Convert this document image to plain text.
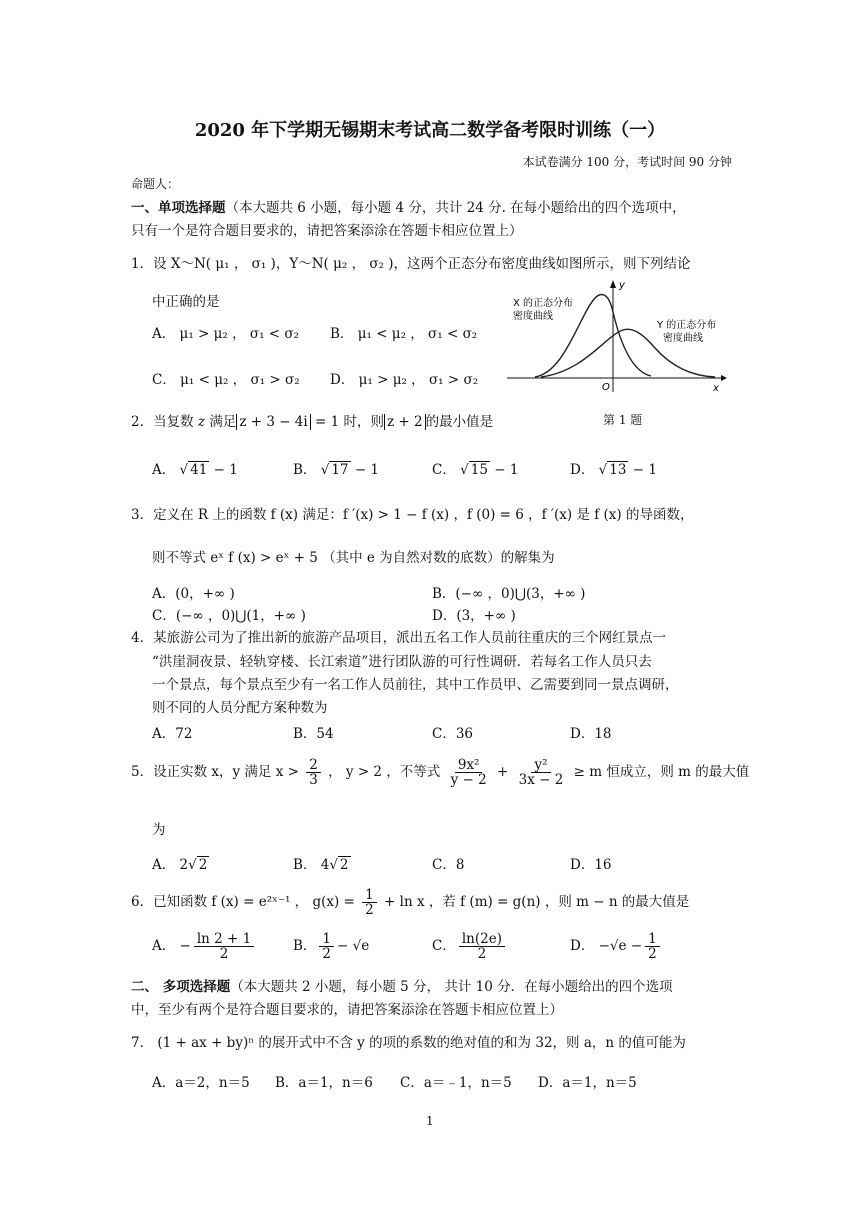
2020 年下学期无锡期末考试高二数学备考限时训练（一）
本试卷满分 100 分，考试时间 90 分钟
命题人：
一、单项选择题（本大题共 6 小题，每小题 4 分，共计 24 分. 在每小题给出的四个选项中，
只有一个是符合题目要求的，请把答案添涂在答题卡相应位置上）
1．设 X～N( μ₁ ， σ₁ )，Y～N( μ₂ ， σ₂ )，这两个正态分布密度曲线如图所示，则下列结论
中正确的是
A． μ₁ > μ₂ ， σ₁ < σ₂ B． μ₁ < μ₂ ， σ₁ < σ₂
C． μ₁ < μ₂ ， σ₁ > σ₂ D． μ₁ > μ₂ ， σ₁ > σ₂
X 的正态分布
密度曲线
Y 的正态分布
密度曲线
y
x
O
第 1 题
2．当复数 z 满足 z + 3 − 4i = 1 时，则 z + 2 的最小值是
A． √ 41 − 1	B． √ 17 − 1	C． √ 15 − 1	D． √ 13 − 1
3．定义在 R 上的函数 f (x) 满足：f ′(x) > 1 − f (x) ，f (0) = 6 ，f ′(x) 是 f (x) 的导函数，
则不等式 eˣ f (x) > eˣ + 5 （其中 e 为自然对数的底数）的解集为
A．(0，+∞ )	B．(−∞ ，0)⋃(3，+∞ )
C．(−∞ ，0)⋃(1，+∞ )	D．(3，+∞ )
4．某旅游公司为了推出新的旅游产品项目，派出五名工作人员前往重庆的三个网红景点一
“洪崖洞夜景、轻轨穿楼、长江索道”进行团队游的可行性调研．若每名工作人员只去
一个景点，每个景点至少有一名工作人员前往，其中工作员甲、乙需要到同一景点调研，
则不同的人员分配方案种数为
A．72	B．54	C．36	D．18
5．设正实数 x，y 满足 $x > \frac{2}{3}$ ， y > 2 ，不等式 $\frac{\text{9x²}}{y - 2} + \frac{\text{y²}}{3x - 2} \ge m$ 恒成立，则 m 的最大值
为
A． 2√ 2	B． 4√ 2	C．8	D．16
6．已知函数 f (x) = e²ˣ⁻¹ ， $g(x) = \frac{1}{2} + \ln x$ ，若 f (m) = g(n) ，则 m − n 的最大值是
A． − $\frac{\ln 2 + 1}{2}$	B． $\frac{1}{2} - √e$	C． $\frac{\ln(2e)}{2}$	D． $-√e - \frac{1}{2}$
二、 多项选择题（本大题共 2 小题，每小题 5 分， 共计 10 分．在每小题给出的四个选项
中，至少有两个是符合题目要求的，请把答案添涂在答题卡相应位置上）
7． (1 + ax + by)ⁿ 的展开式中不含 y 的项的系数的绝对值的和为 32，则 a，n 的值可能为
A．a＝2，n＝5 B．a＝1，n＝6 C．a＝﹣1，n＝5 D．a＝1，n＝5
1
